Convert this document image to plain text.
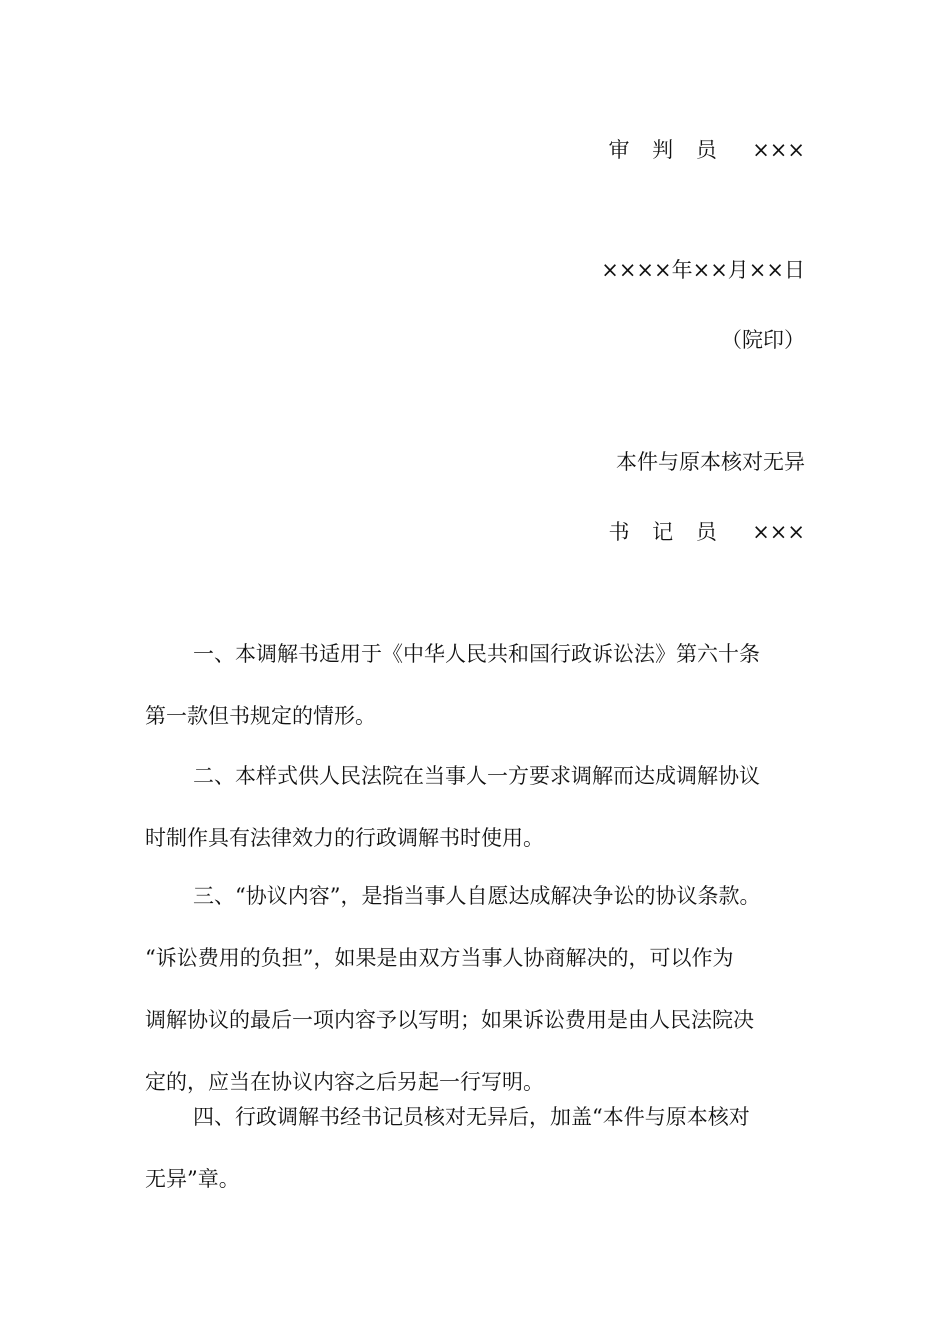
审 判 员 ×××
××××年××月××日
（院印）
本件与原本核对无异
书 记 员 ×××
一、本调解书适用于《中华人民共和国行政诉讼法》第六十条
第一款但书规定的情形。
二、本样式供人民法院在当事人一方要求调解而达成调解协议
时制作具有法律效力的行政调解书时使用。
三、“协议内容”，是指当事人自愿达成解决争讼的协议条款。
“诉讼费用的负担”，如果是由双方当事人协商解决的，可以作为
调解协议的最后一项内容予以写明；如果诉讼费用是由人民法院决
定的，应当在协议内容之后另起一行写明。
四、行政调解书经书记员核对无异后，加盖“本件与原本核对
无异”章。
